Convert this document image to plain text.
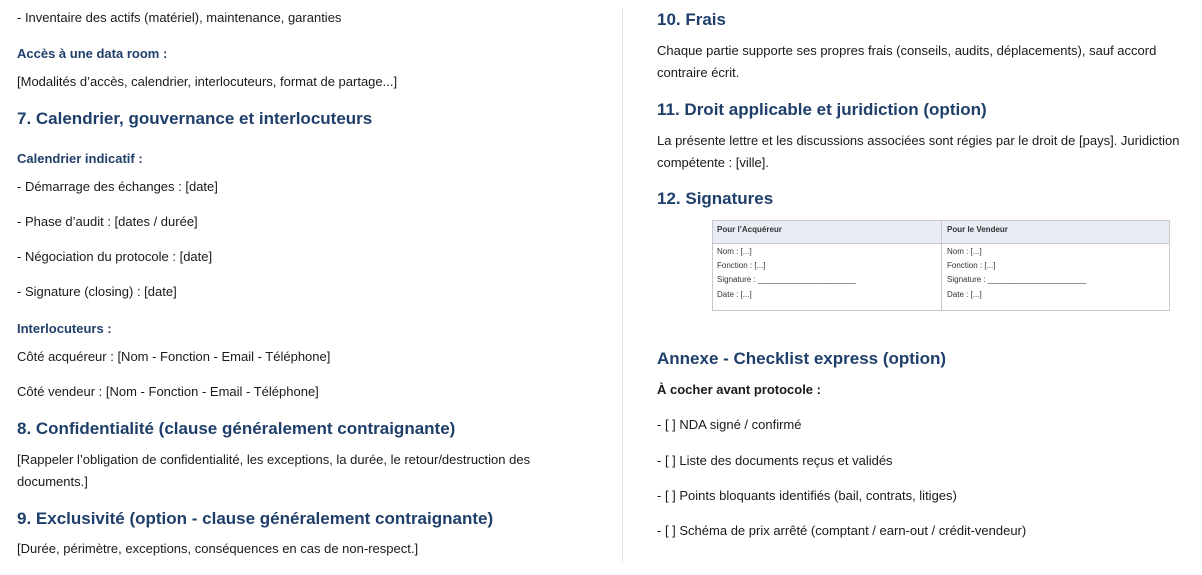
- Inventaire des actifs (matériel), maintenance, garanties
Accès à une data room :
[Modalités d’accès, calendrier, interlocuteurs, format de partage...]
7. Calendrier, gouvernance et interlocuteurs
Calendrier indicatif :
- Démarrage des échanges : [date]
- Phase d’audit : [dates / durée]
- Négociation du protocole : [date]
- Signature (closing) : [date]
Interlocuteurs :
Côté acquéreur : [Nom - Fonction - Email - Téléphone]
Côté vendeur : [Nom - Fonction - Email - Téléphone]
8. Confidentialité (clause généralement contraignante)
[Rappeler l’obligation de confidentialité, les exceptions, la durée, le retour/destruction des documents.]
9. Exclusivité (option - clause généralement contraignante)
[Durée, périmètre, exceptions, conséquences en cas de non-respect.]
10. Frais
Chaque partie supporte ses propres frais (conseils, audits, déplacements), sauf accord contraire écrit.
11. Droit applicable et juridiction (option)
La présente lettre et les discussions associées sont régies par le droit de [pays]. Juridiction compétente : [ville].
12. Signatures
Pour l’Acquéreur	Pour le Vendeur
Nom : [...]
Fonction : [...]
Signature : ______________________
Date : [...]
Nom : [...]
Fonction : [...]
Signature : ______________________
Date : [...]
Annexe - Checklist express (option)
À cocher avant protocole :
- [ ] NDA signé / confirmé
- [ ] Liste des documents reçus et validés
- [ ] Points bloquants identifiés (bail, contrats, litiges)
- [ ] Schéma de prix arrêté (comptant / earn-out / crédit-vendeur)
